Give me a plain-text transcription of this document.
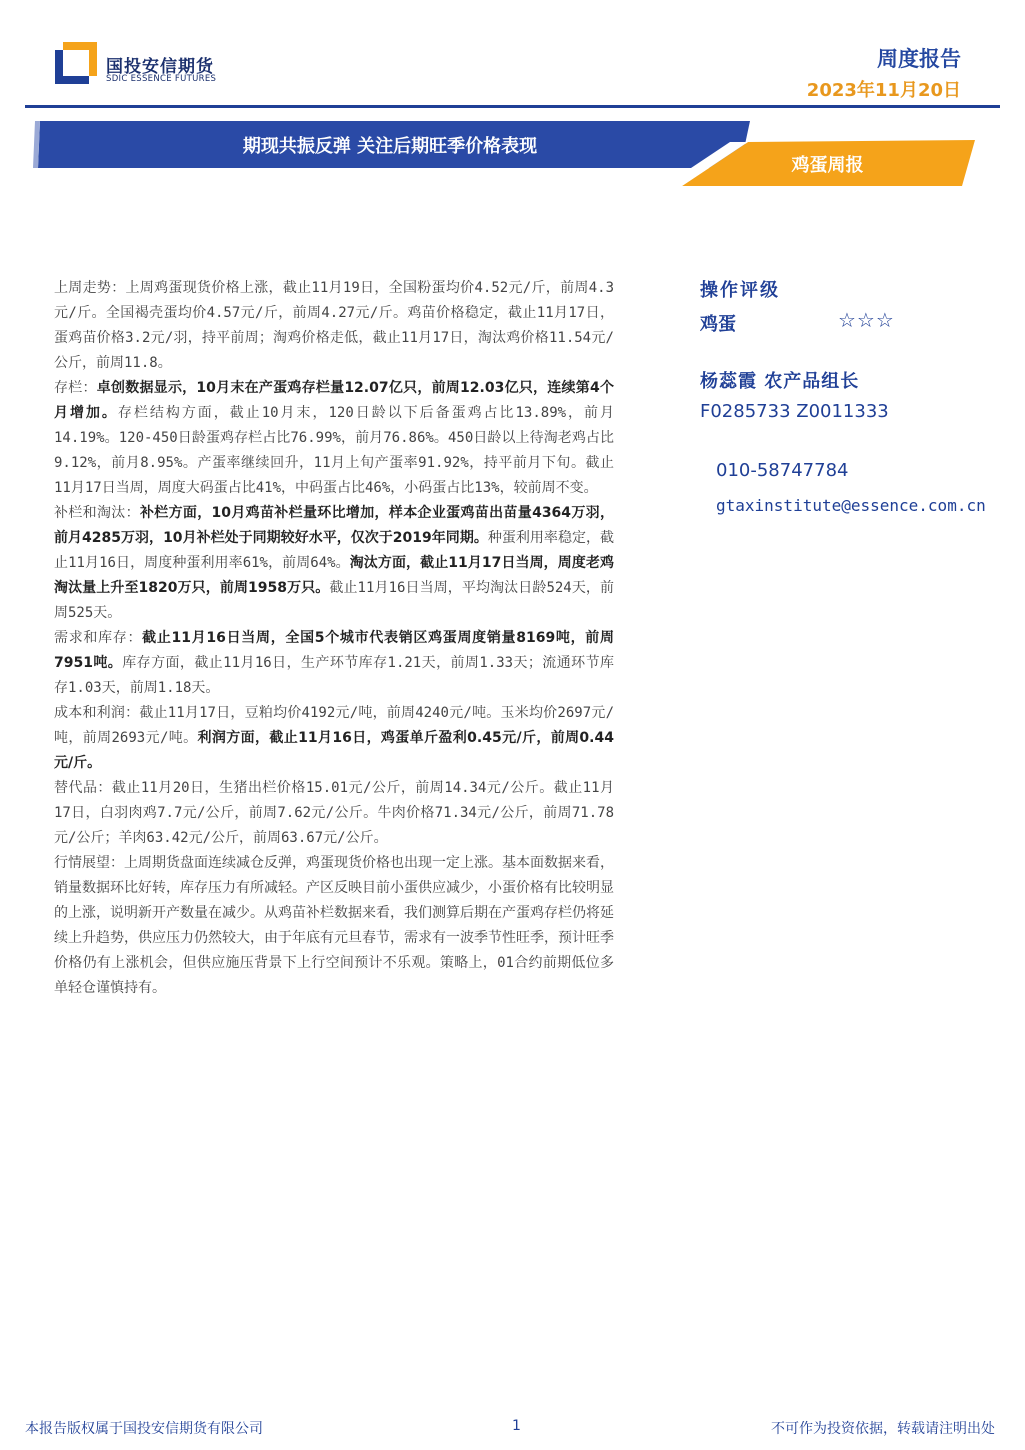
国投安信期货
SDIC ESSENCE FUTURES
周度报告
2023年11月20日
期现共振反弹 关注后期旺季价格表现
鸡蛋周报
上周走势：上周鸡蛋现货价格上涨，截止11月19日，全国粉蛋均价4.52元/斤，前周4.3元/斤。全国褐壳蛋均价4.57元/斤，前周4.27元/斤。鸡苗价格稳定，截止11月17日，蛋鸡苗价格3.2元/羽，持平前周；淘鸡价格走低，截止11月17日，淘汰鸡价格11.54元/公斤，前周11.8。
存栏：卓创数据显示，10月末在产蛋鸡存栏量12.07亿只，前周12.03亿只，连续第4个月增加。存栏结构方面，截止10月末，120日龄以下后备蛋鸡占比13.89%，前月14.19%。120-450日龄蛋鸡存栏占比76.99%，前月76.86%。450日龄以上待淘老鸡占比9.12%，前月8.95%。产蛋率继续回升，11月上旬产蛋率91.92%，持平前月下旬。截止11月17日当周，周度大码蛋占比41%，中码蛋占比46%，小码蛋占比13%，较前周不变。
补栏和淘汰：补栏方面，10月鸡苗补栏量环比增加，样本企业蛋鸡苗出苗量4364万羽，前月4285万羽，10月补栏处于同期较好水平，仅次于2019年同期。种蛋利用率稳定，截止11月16日，周度种蛋利用率61%，前周64%。淘汰方面，截止11月17日当周，周度老鸡淘汰量上升至1820万只，前周1958万只。截止11月16日当周，平均淘汰日龄524天，前周525天。
需求和库存：截止11月16日当周，全国5个城市代表销区鸡蛋周度销量8169吨，前周7951吨。库存方面，截止11月16日，生产环节库存1.21天，前周1.33天；流通环节库存1.03天，前周1.18天。
成本和利润：截止11月17日，豆粕均价4192元/吨，前周4240元/吨。玉米均价2697元/吨，前周2693元/吨。利润方面，截止11月16日，鸡蛋单斤盈利0.45元/斤，前周0.44元/斤。
替代品：截止11月20日，生猪出栏价格15.01元/公斤，前周14.34元/公斤。截止11月17日，白羽肉鸡7.7元/公斤，前周7.62元/公斤。牛肉价格71.34元/公斤，前周71.78元/公斤；羊肉63.42元/公斤，前周63.67元/公斤。
行情展望：上周期货盘面连续减仓反弹，鸡蛋现货价格也出现一定上涨。基本面数据来看，销量数据环比好转，库存压力有所减轻。产区反映目前小蛋供应减少，小蛋价格有比较明显的上涨，说明新开产数量在减少。从鸡苗补栏数据来看，我们测算后期在产蛋鸡存栏仍将延续上升趋势，供应压力仍然较大，由于年底有元旦春节，需求有一波季节性旺季，预计旺季价格仍有上涨机会，但供应施压背景下上行空间预计不乐观。策略上，01合约前期低位多单轻仓谨慎持有。
操作评级
鸡蛋	☆☆☆
杨蕊霞 农产品组长
F0285733 Z0011333
010-58747784
gtaxinstitute@essence.com.cn
本报告版权属于国投安信期货有限公司	1	不可作为投资依据，转载请注明出处
